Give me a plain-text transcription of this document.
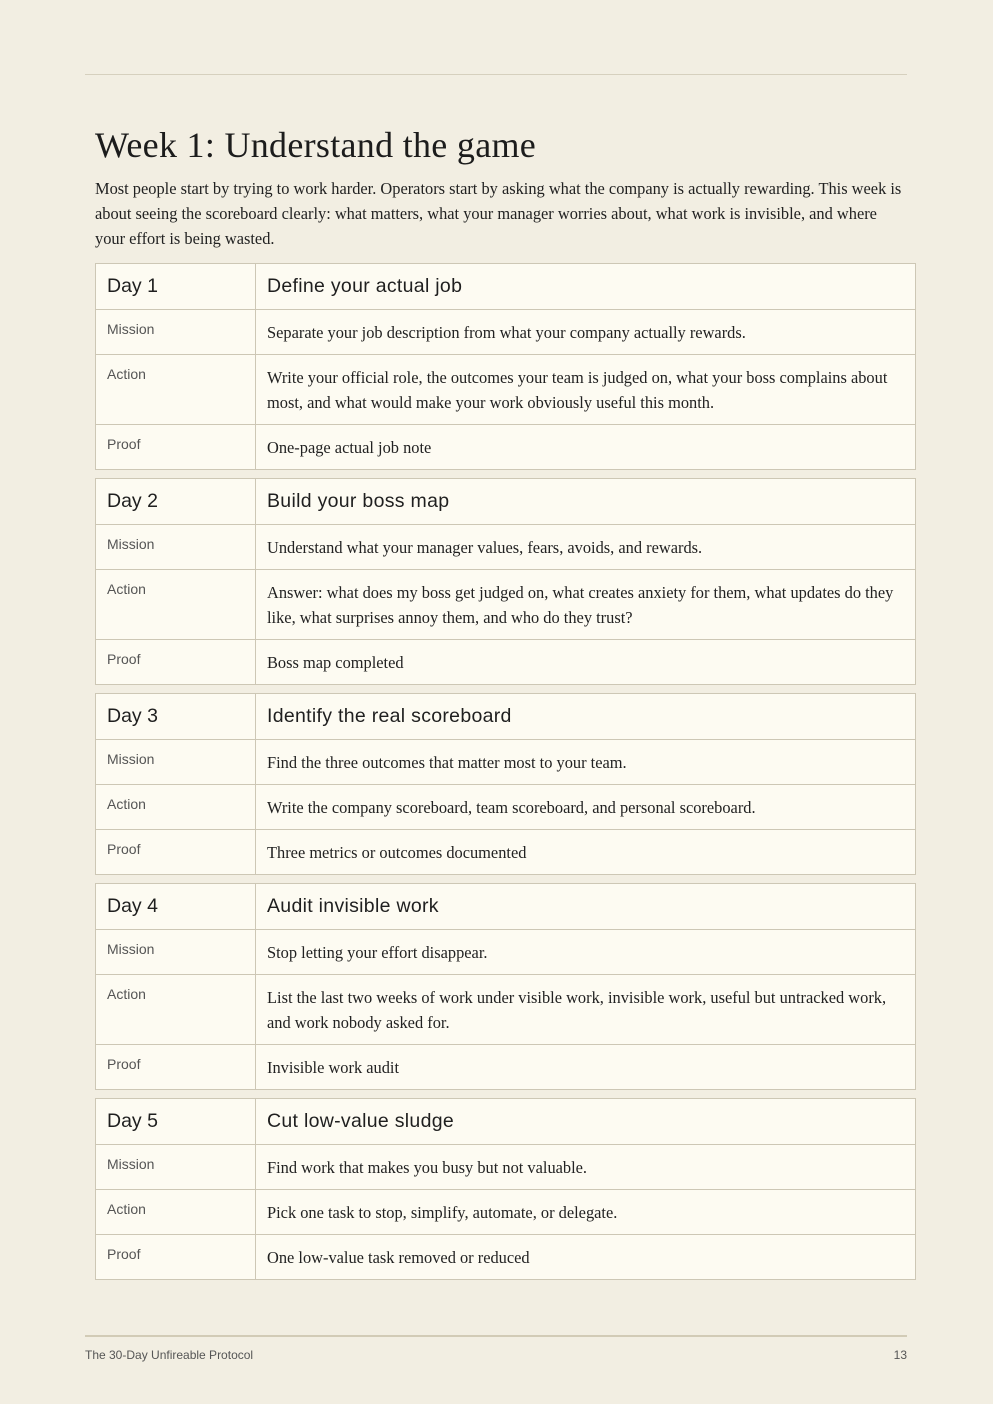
Week 1: Understand the game

Most people start by trying to work harder. Operators start by asking what the company is actually rewarding. This week is about seeing the scoreboard clearly: what matters, what your manager worries about, what work is invisible, and where your effort is being wasted.

Day 1	Define your actual job
Mission	Separate your job description from what your company actually rewards.
Action	Write your official role, the outcomes your team is judged on, what your boss complains about most, and what would make your work obviously useful this month.
Proof	One-page actual job note
Day 2	Build your boss map
Mission	Understand what your manager values, fears, avoids, and rewards.
Action	Answer: what does my boss get judged on, what creates anxiety for them, what updates do they like, what surprises annoy them, and who do they trust?
Proof	Boss map completed
Day 3	Identify the real scoreboard
Mission	Find the three outcomes that matter most to your team.
Action	Write the company scoreboard, team scoreboard, and personal scoreboard.
Proof	Three metrics or outcomes documented
Day 4	Audit invisible work
Mission	Stop letting your effort disappear.
Action	List the last two weeks of work under visible work, invisible work, useful but untracked work, and work nobody asked for.
Proof	Invisible work audit
Day 5	Cut low-value sludge
Mission	Find work that makes you busy but not valuable.
Action	Pick one task to stop, simplify, automate, or delegate.
Proof	One low-value task removed or reduced
The 30-Day Unfireable Protocol	13
